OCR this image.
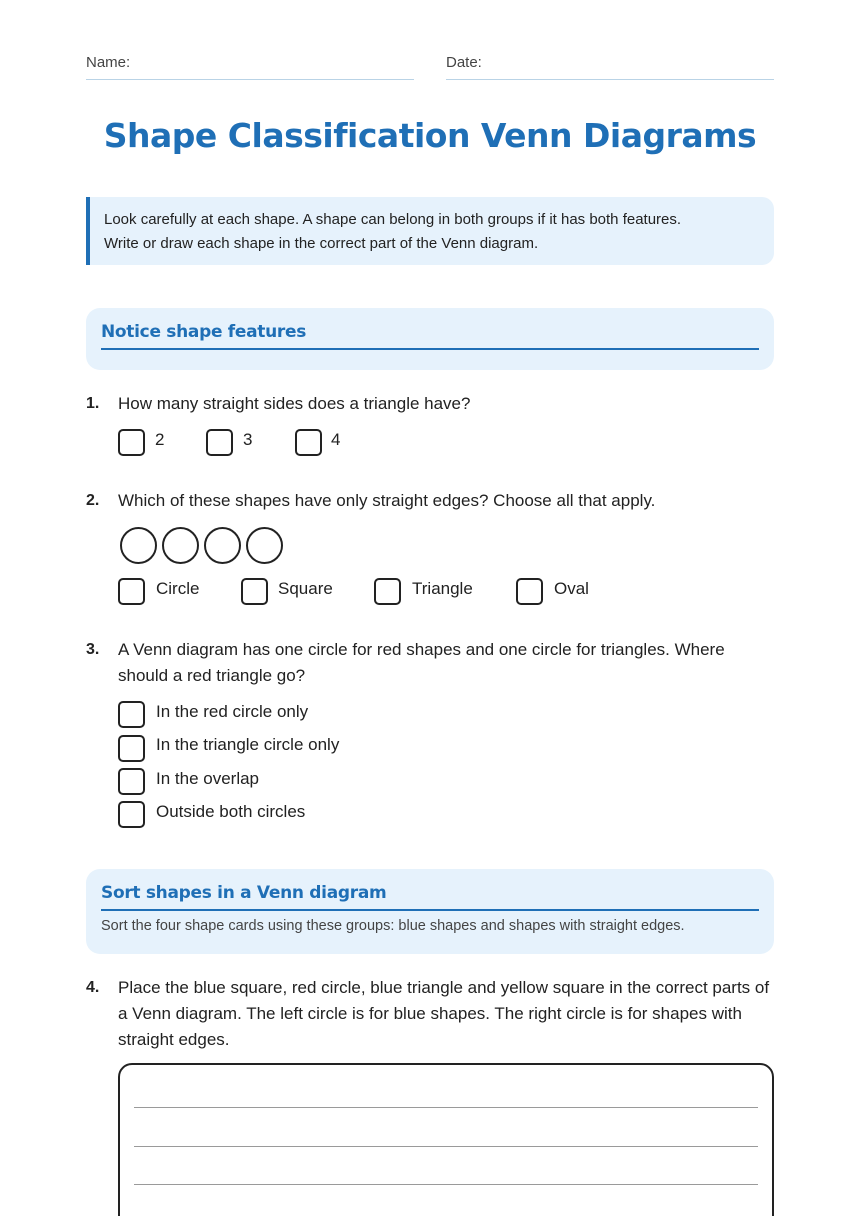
Name:	Date:
Shape Classification Venn Diagrams
Look carefully at each shape. A shape can belong in both groups if it has both features.
Write or draw each shape in the correct part of the Venn diagram.
Notice shape features
1. How many straight sides does a triangle have?
2	3	4
2. Which of these shapes have only straight edges? Choose all that apply.
Circle	Square	Triangle	Oval
3. A Venn diagram has one circle for red shapes and one circle for triangles. Where should a red triangle go?
In the red circle only
In the triangle circle only
In the overlap
Outside both circles
Sort shapes in a Venn diagram
Sort the four shape cards using these groups: blue shapes and shapes with straight edges.
4. Place the blue square, red circle, blue triangle and yellow square in the correct parts of a Venn diagram. The left circle is for blue shapes. The right circle is for shapes with straight edges.
